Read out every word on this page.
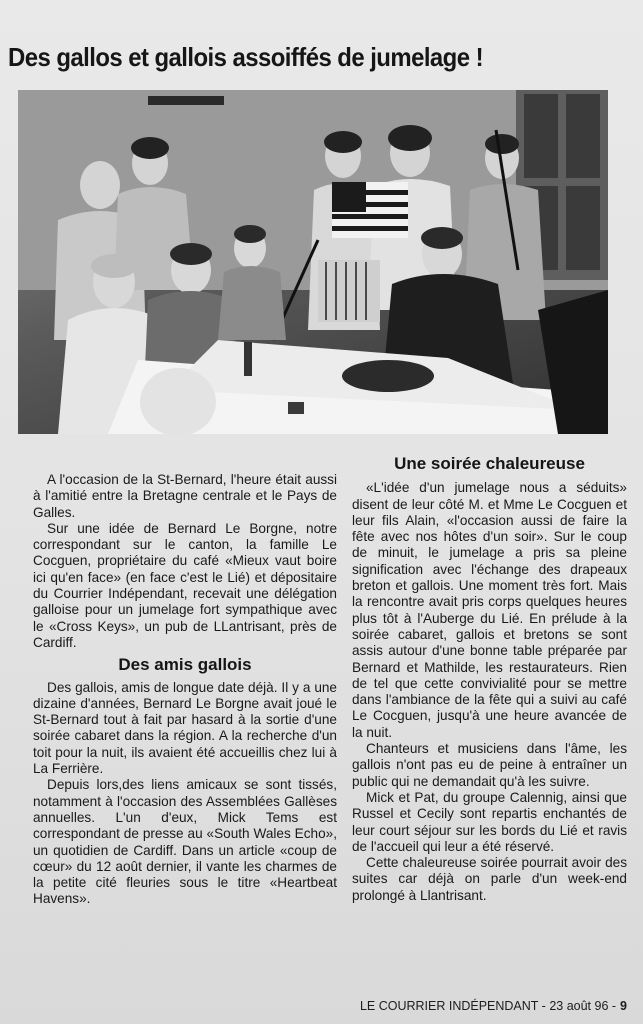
Des gallos et gallois assoiffés de jumelage !

A l'occasion de la St-Bernard, l'heure était aussi à l'amitié entre la Bretagne centrale et le Pays de Galles.

Sur une idée de Bernard Le Borgne, notre correspondant sur le canton, la famille Le Cocguen, propriétaire du café «Mieux vaut boire ici qu'en face» (en face c'est le Lié) et dépositaire du Courrier Indépendant, recevait une délégation galloise pour un jumelage fort sympathique avec le «Cross Keys», un pub de LLantrisant, près de Cardiff.

Des amis gallois

Des gallois, amis de longue date déjà. Il y a une dizaine d'années, Bernard Le Borgne avait joué le St-Bernard tout à fait par hasard à la sortie d'une soirée cabaret dans la région. A la recherche d'un toit pour la nuit, ils avaient été accueillis chez lui à La Ferrière.

Depuis lors,des liens amicaux se sont tissés, notamment à l'occasion des Assemblées Gallèses annuelles. L'un d'eux, Mick Tems est correspondant de presse au «South Wales Echo», un quotidien de Cardiff. Dans un article «coup de cœur» du 12 août dernier, il vante les charmes de la petite cité fleuries sous le titre «Heartbeat Havens».

Une soirée chaleureuse

«L'idée d'un jumelage nous a séduits» disent de leur côté M. et Mme Le Cocguen et leur fils Alain, «l'occasion aussi de faire la fête avec nos hôtes d'un soir». Sur le coup de minuit, le jumelage a pris sa pleine signification avec l'échange des drapeaux breton et gallois. Une moment très fort. Mais la rencontre avait pris corps quelques heures plus tôt à l'Auberge du Lié. En prélude à la soirée cabaret, gallois et bretons se sont assis autour d'une bonne table préparée par Bernard et Mathilde, les restaurateurs. Rien de tel que cette convivialité pour se mettre dans l'ambiance de la fête qui a suivi au café Le Cocguen, jusqu'à une heure avancée de la nuit.

Chanteurs et musiciens dans l'âme, les gallois n'ont pas eu de peine à entraîner un public qui ne demandait qu'à les suivre.

Mick et Pat, du groupe Calennig, ainsi que Russel et Cecily sont repartis enchantés de leur court séjour sur les bords du Lié et ravis de l'accueil qui leur a été réservé.

Cette chaleureuse soirée pourrait avoir des suites car déjà on parle d'un week-end prolongé à Llantrisant.

LE COURRIER INDÉPENDANT - 23 août 96 - 9
